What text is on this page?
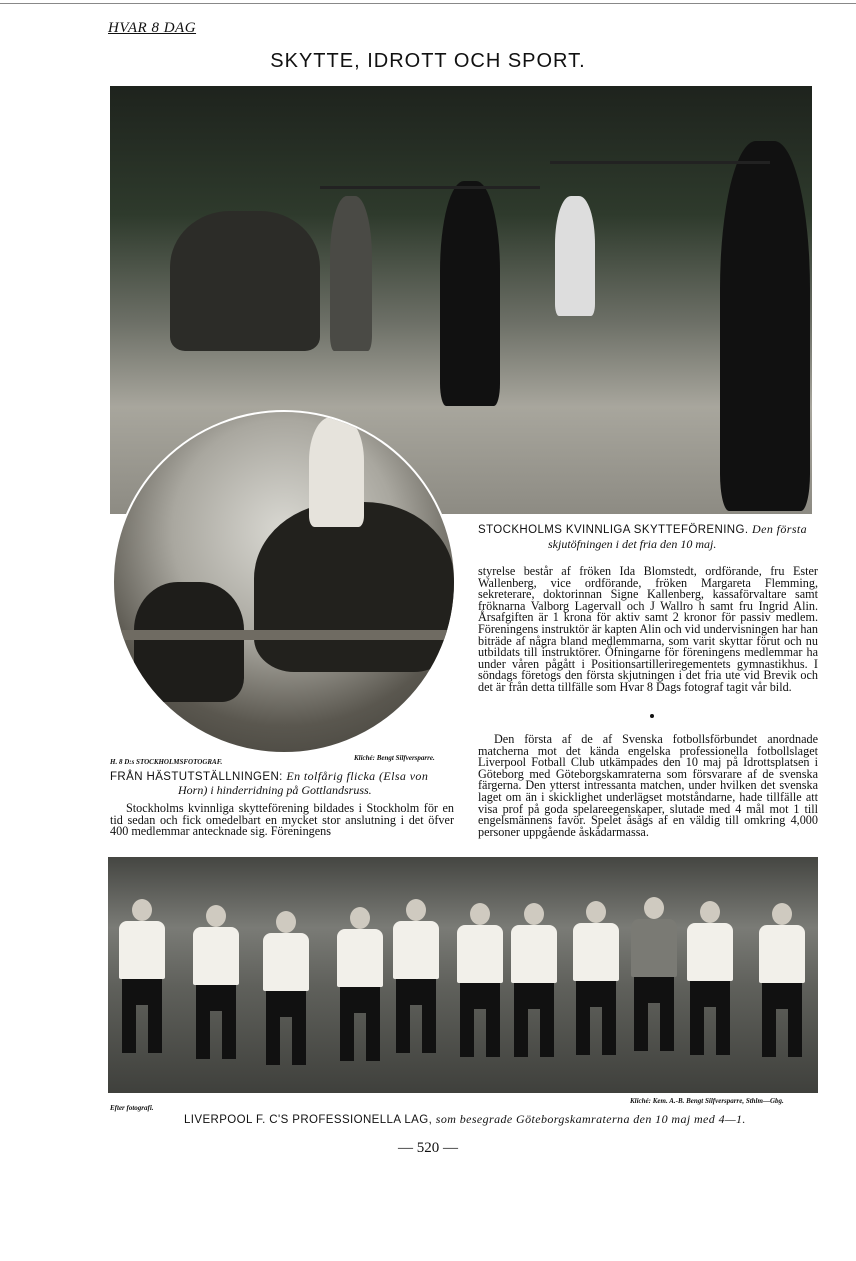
HVAR 8 DAG
SKYTTE, IDROTT OCH SPORT.
STOCKHOLMS KVINNLIGA SKYTTEFÖRENING. Den första
skjutöfningen i det fria den 10 maj.

styrelse består af fröken Ida Blomstedt, ordförande, fru Ester Wallenberg, vice ordförande, fröken Margareta Flemming, sekreterare, doktorinnan Signe Kallenberg, kassaförvaltare samt fröknarna Valborg Lagervall och J Wallro h samt fru Ingrid Alin. Årsafgiften är 1 krona för aktiv samt 2 kronor för passiv medlem. Föreningens instruktör är kapten Alin och vid undervisningen har han biträde af några bland medlemmarna, som varit skyttar förut och nu utbildats till instruktörer. Öfningarne för föreningens medlemmar ha under våren pågått i Positionsartilleriregementets gymnastikhus. I söndags företogs den första skjutningen i det fria ute vid Brevik och det är från detta tillfälle som Hvar 8 Dags fotograf tagit vår bild.

Den första af de af Svenska fotbollsförbundet anordnade matcherna mot det kända engelska professionella fotbollslaget Liverpool Fotball Club utkämpades den 10 maj på Idrottsplatsen i Göteborg med Göteborgskamraterna som försvarare af de svenska färgerna. Den ytterst intressanta matchen, under hvilken det svenska laget om än i skicklighet underlägset motståndarne, hade tillfälle att visa prof på goda spelareegenskaper, slutade med 4 mål mot 1 till engelsmännens favör. Spelet åsågs af en väldig till omkring 4,000 personer uppgående åskådarmassa.

H. 8 D:s STOCKHOLMSFOTOGRAF.	Kliché: Bengt Silfversparre.
FRÅN HÄSTUTSTÄLLNINGEN: En tolfårig flicka (Elsa von
Horn) i hinderridning på Gottlandsruss.

Stockholms kvinnliga skytteförening bildades i Stockholm för en tid sedan och fick omedelbart en mycket stor anslutning i det öfver 400 medlemmar antecknade sig. Föreningens

Efter fotografi.
Kliché: Kem. A.-B. Bengt Silfversparre, Sthlm—Gbg.
LIVERPOOL F. C'S PROFESSIONELLA LAG, som besegrade Göteborgskamraterna den 10 maj med 4—1.
— 520 —
